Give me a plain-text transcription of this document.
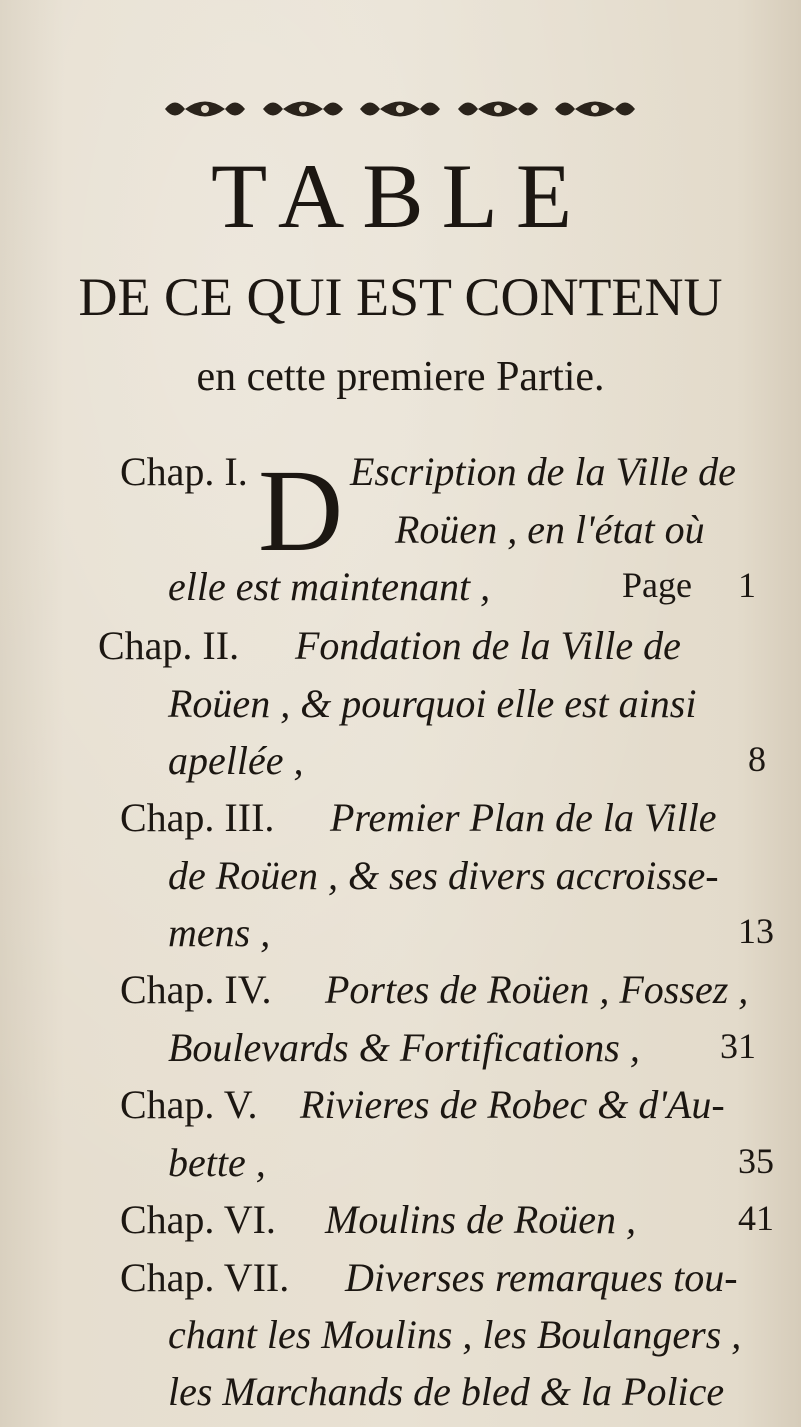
TABLE
DE CE QUI EST CONTENU
en cette premiere Partie.
Chap. I. D Escription de la Ville de
Roüen , en l'état où
elle est maintenant ,	Page 1
Chap. II. Fondation de la Ville de
Roüen , & pourquoi elle est ainsi
apellée ,	8
Chap. III. Premier Plan de la Ville
de Roüen , & ses divers accroisse-
mens ,	13
Chap. IV. Portes de Roüen , Fossez ,
Boulevards & Fortifications , 31
Chap. V. Rivieres de Robec & d'Au-
bette ,	35
Chap. VI. Moulins de Roüen ,	41
Chap. VII. Diverses remarques tou-
chant les Moulins , les Boulangers ,
les Marchands de bled & la Police
